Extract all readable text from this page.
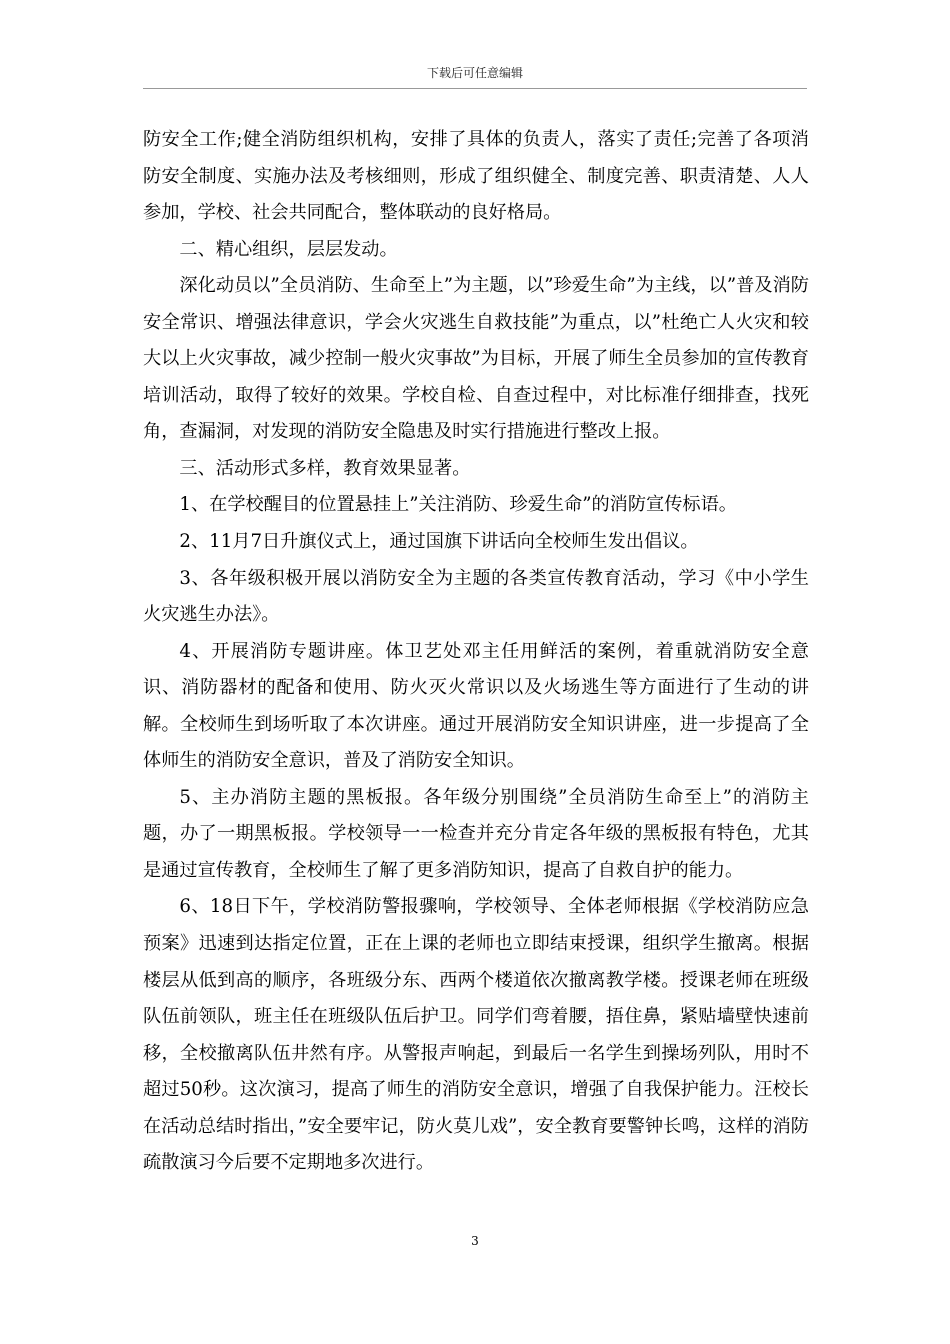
下载后可任意编辑

防安全工作;健全消防组织机构，安排了具体的负责人，落实了责任;完善了各项消防安全制度、实施办法及考核细则，形成了组织健全、制度完善、职责清楚、人人参加，学校、社会共同配合，整体联动的良好格局。

二、精心组织，层层发动。

深化动员以”全员消防、生命至上”为主题，以”珍爱生命”为主线，以”普及消防安全常识、增强法律意识，学会火灾逃生自救技能”为重点，以”杜绝亡人火灾和较大以上火灾事故，减少控制一般火灾事故”为目标，开展了师生全员参加的宣传教育培训活动，取得了较好的效果。学校自检、自查过程中，对比标准仔细排查，找死角，查漏洞，对发现的消防安全隐患及时实行措施进行整改上报。

三、活动形式多样，教育效果显著。

1、在学校醒目的位置悬挂上”关注消防、珍爱生命”的消防宣传标语。

2、11月7日升旗仪式上，通过国旗下讲话向全校师生发出倡议。

3、各年级积极开展以消防安全为主题的各类宣传教育活动，学习《中小学生火灾逃生办法》。

4、开展消防专题讲座。体卫艺处邓主任用鲜活的案例，着重就消防安全意识、消防器材的配备和使用、防火灭火常识以及火场逃生等方面进行了生动的讲解。全校师生到场听取了本次讲座。通过开展消防安全知识讲座，进一步提高了全体师生的消防安全意识，普及了消防安全知识。

5、主办消防主题的黑板报。各年级分别围绕”全员消防生命至上”的消防主题，办了一期黑板报。学校领导一一检查并充分肯定各年级的黑板报有特色，尤其是通过宣传教育，全校师生了解了更多消防知识，提高了自救自护的能力。

6、18日下午，学校消防警报骤响，学校领导、全体老师根据《学校消防应急预案》迅速到达指定位置，正在上课的老师也立即结束授课，组织学生撤离。根据楼层从低到高的顺序，各班级分东、西两个楼道依次撤离教学楼。授课老师在班级队伍前领队，班主任在班级队伍后护卫。同学们弯着腰，捂住鼻，紧贴墙壁快速前移，全校撤离队伍井然有序。从警报声响起，到最后一名学生到操场列队，用时不超过50秒。这次演习，提高了师生的消防安全意识，增强了自我保护能力。汪校长在活动总结时指出，”安全要牢记，防火莫儿戏”，安全教育要警钟长鸣，这样的消防疏散演习今后要不定期地多次进行。

3
